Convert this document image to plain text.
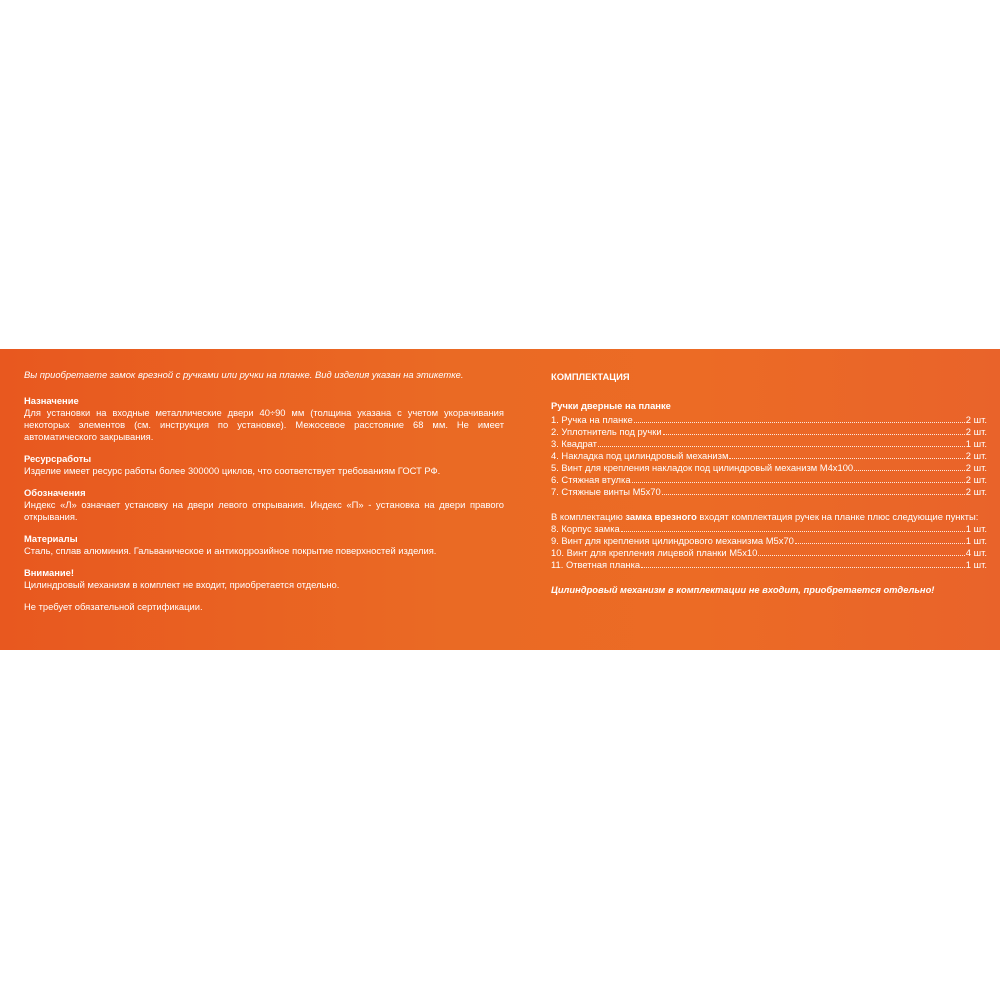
Вы приобретаете замок врезной с ручками или ручки на планке. Вид изделия указан на этикетке.

Назначение

Для установки на входные металлические двери 40÷90 мм (толщина указана с учетом укорачивания некоторых элементов (см. инструкция по установке). Межосевое расстояние 68 мм. Не имеет автоматического закрывания.

Ресурсработы

Изделие имеет ресурс работы более 300000 циклов, что соответствует требованиям ГОСТ РФ.

Обозначения

Индекс «Л» означает установку на двери левого открывания. Индекс «П» - установка на двери правого открывания.

Материалы

Сталь, сплав алюминия. Гальваническое и антикоррозийное покрытие поверхностей изделия.

Внимание!

Цилиндровый механизм в комплект не входит, приобретается отдельно.

Не требует обязательной сертификации.

КОМПЛЕКТАЦИЯ

Ручки дверные на планке

1. Ручка на планке	2 шт.
2. Уплотнитель под ручки	2 шт.
3. Квадрат	1 шт.
4. Накладка под цилиндровый механизм	2 шт.
5. Винт для крепления накладок под цилиндровый механизм М4х100	2 шт.
6. Стяжная втулка	2 шт.
7. Стяжные винты М5х70	2 шт.

В комплектацию замка врезного входят комплектация ручек на планке плюс следующие пункты:

8. Корпус замка	1 шт.
9. Винт для крепления цилиндрового механизма М5х70	1 шт.
10. Винт для крепления лицевой планки М5х10	4 шт.
11. Ответная планка	1 шт.

Цилиндровый механизм в комплектации не входит, приобретается отдельно!
